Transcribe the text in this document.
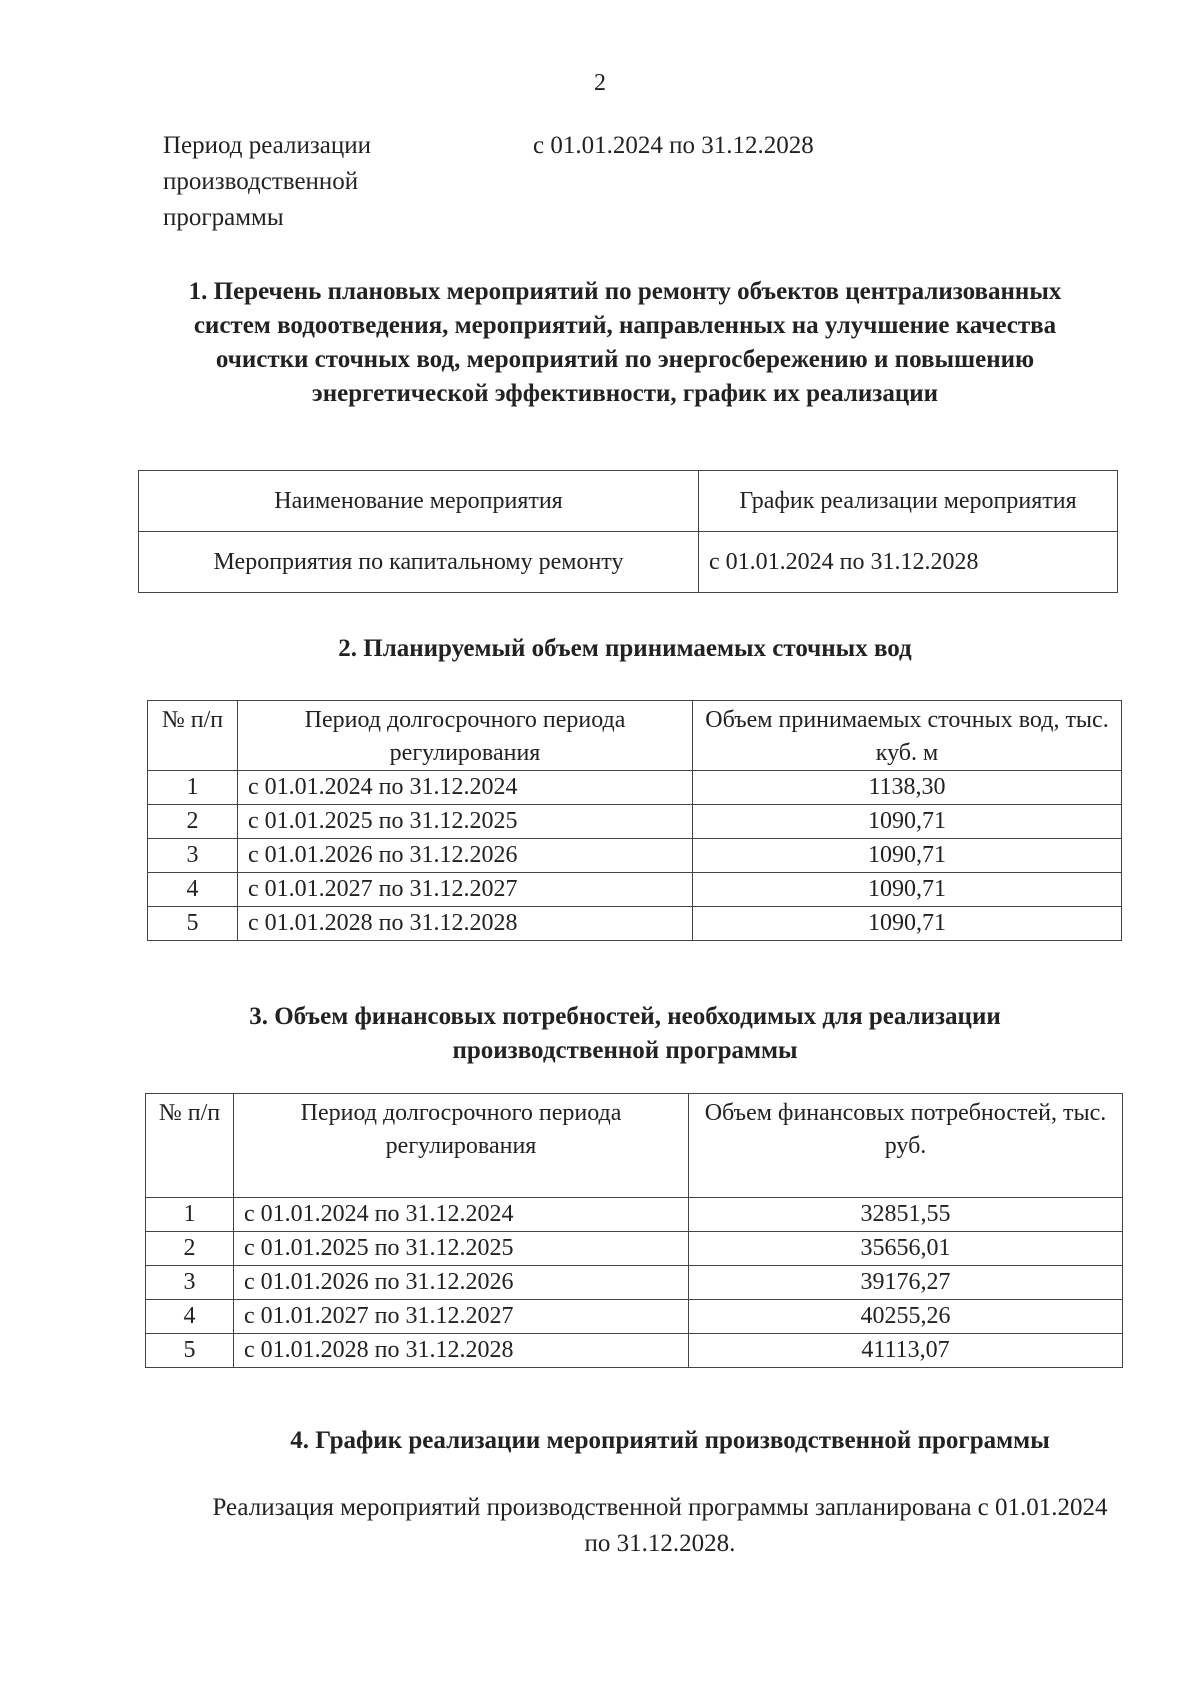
2
Период реализации производственной программы
с 01.01.2024 по 31.12.2028
1. Перечень плановых мероприятий по ремонту объектов централизованных систем водоотведения, мероприятий, направленных на улучшение качества очистки сточных вод, мероприятий по энергосбережению и повышению энергетической эффективности, график их реализации
Наименование мероприятия	График реализации мероприятия
Мероприятия по капитальному ремонту	с 01.01.2024 по 31.12.2028
2. Планируемый объем принимаемых сточных вод
№ п/п	Период долгосрочного периода регулирования	Объем принимаемых сточных вод, тыс. куб. м
1	с 01.01.2024 по 31.12.2024	1138,30
2	с 01.01.2025 по 31.12.2025	1090,71
3	с 01.01.2026 по 31.12.2026	1090,71
4	с 01.01.2027 по 31.12.2027	1090,71
5	с 01.01.2028 по 31.12.2028	1090,71
3. Объем финансовых потребностей, необходимых для реализации производственной программы
№ п/п	Период долгосрочного периода регулирования	Объем финансовых потребностей, тыс. руб.
1	с 01.01.2024 по 31.12.2024	32851,55
2	с 01.01.2025 по 31.12.2025	35656,01
3	с 01.01.2026 по 31.12.2026	39176,27
4	с 01.01.2027 по 31.12.2027	40255,26
5	с 01.01.2028 по 31.12.2028	41113,07
4. График реализации мероприятий производственной программы
Реализация мероприятий производственной программы запланирована с 01.01.2024 по 31.12.2028.
